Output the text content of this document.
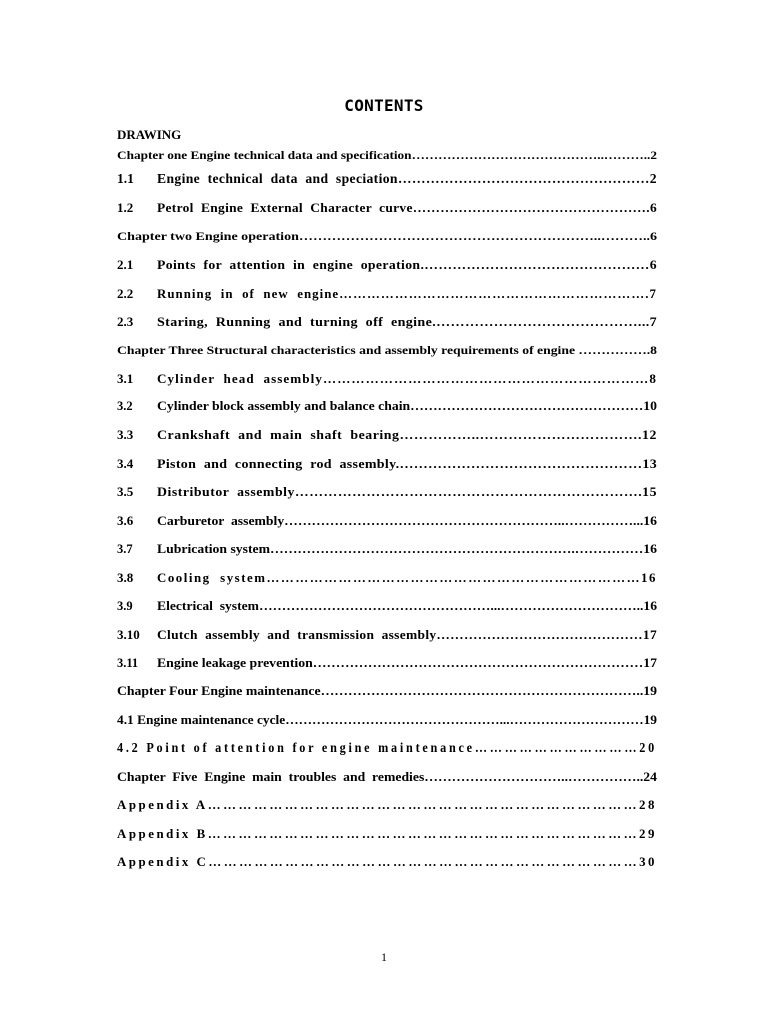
CONTENTS
DRAWING
Chapter one Engine technical data and specification……………………………………..………..2
1.1 Engine  technical  data  and  speciation………………………………………………2
1.2 Petrol  Engine  External  Character  curve…………………………………………….6
Chapter two Engine operation………………………………………………………..………..6
2.1 Points  for  attention  in  engine  operation.…………………………………………6
2.2 Running  in  of  new  engine………………………………………………………….7
2.3 Staring,  Running  and  turning  off  engine.……………………………………...7
Chapter Three Structural characteristics and assembly requirements of engine …………….8
3.1 Cylinder  head  assembly……………………………………………………………8
3.2 Cylinder block assembly and balance chain……………………………………………10
3.3 Crankshaft  and  main  shaft  bearing……………..…………………………….12
3.4 Piston  and  connecting  rod  assembly.……………………………………………13
3.5 Distributor  assembly……………………………………………………………….15
3.6 Carburetor  assembly……………………………………………………..……………...16
3.7 Lubrication system………………………………………………………….……………16
3.8 Cooling  system……………………………………………………………………16
3.9 Electrical  system……………………………………………...…………………………..16
3.10 Clutch  assembly  and  transmission  assembly………………………………………17
3.11 Engine leakage prevention………………………………………………………………17
Chapter Four Engine maintenance……………………………………………………………..19
4.1 Engine maintenance cycle…………………………………………...…………………………19
4.2 Point of attention for engine maintenance……………………………20
Chapter  Five  Engine  main  troubles  and  remedies…………………………..……………..24
Appendix A…………………………………………………………………………28
Appendix B…………………………………………………………………………29
Appendix C…………………………………………………………………………30
1
